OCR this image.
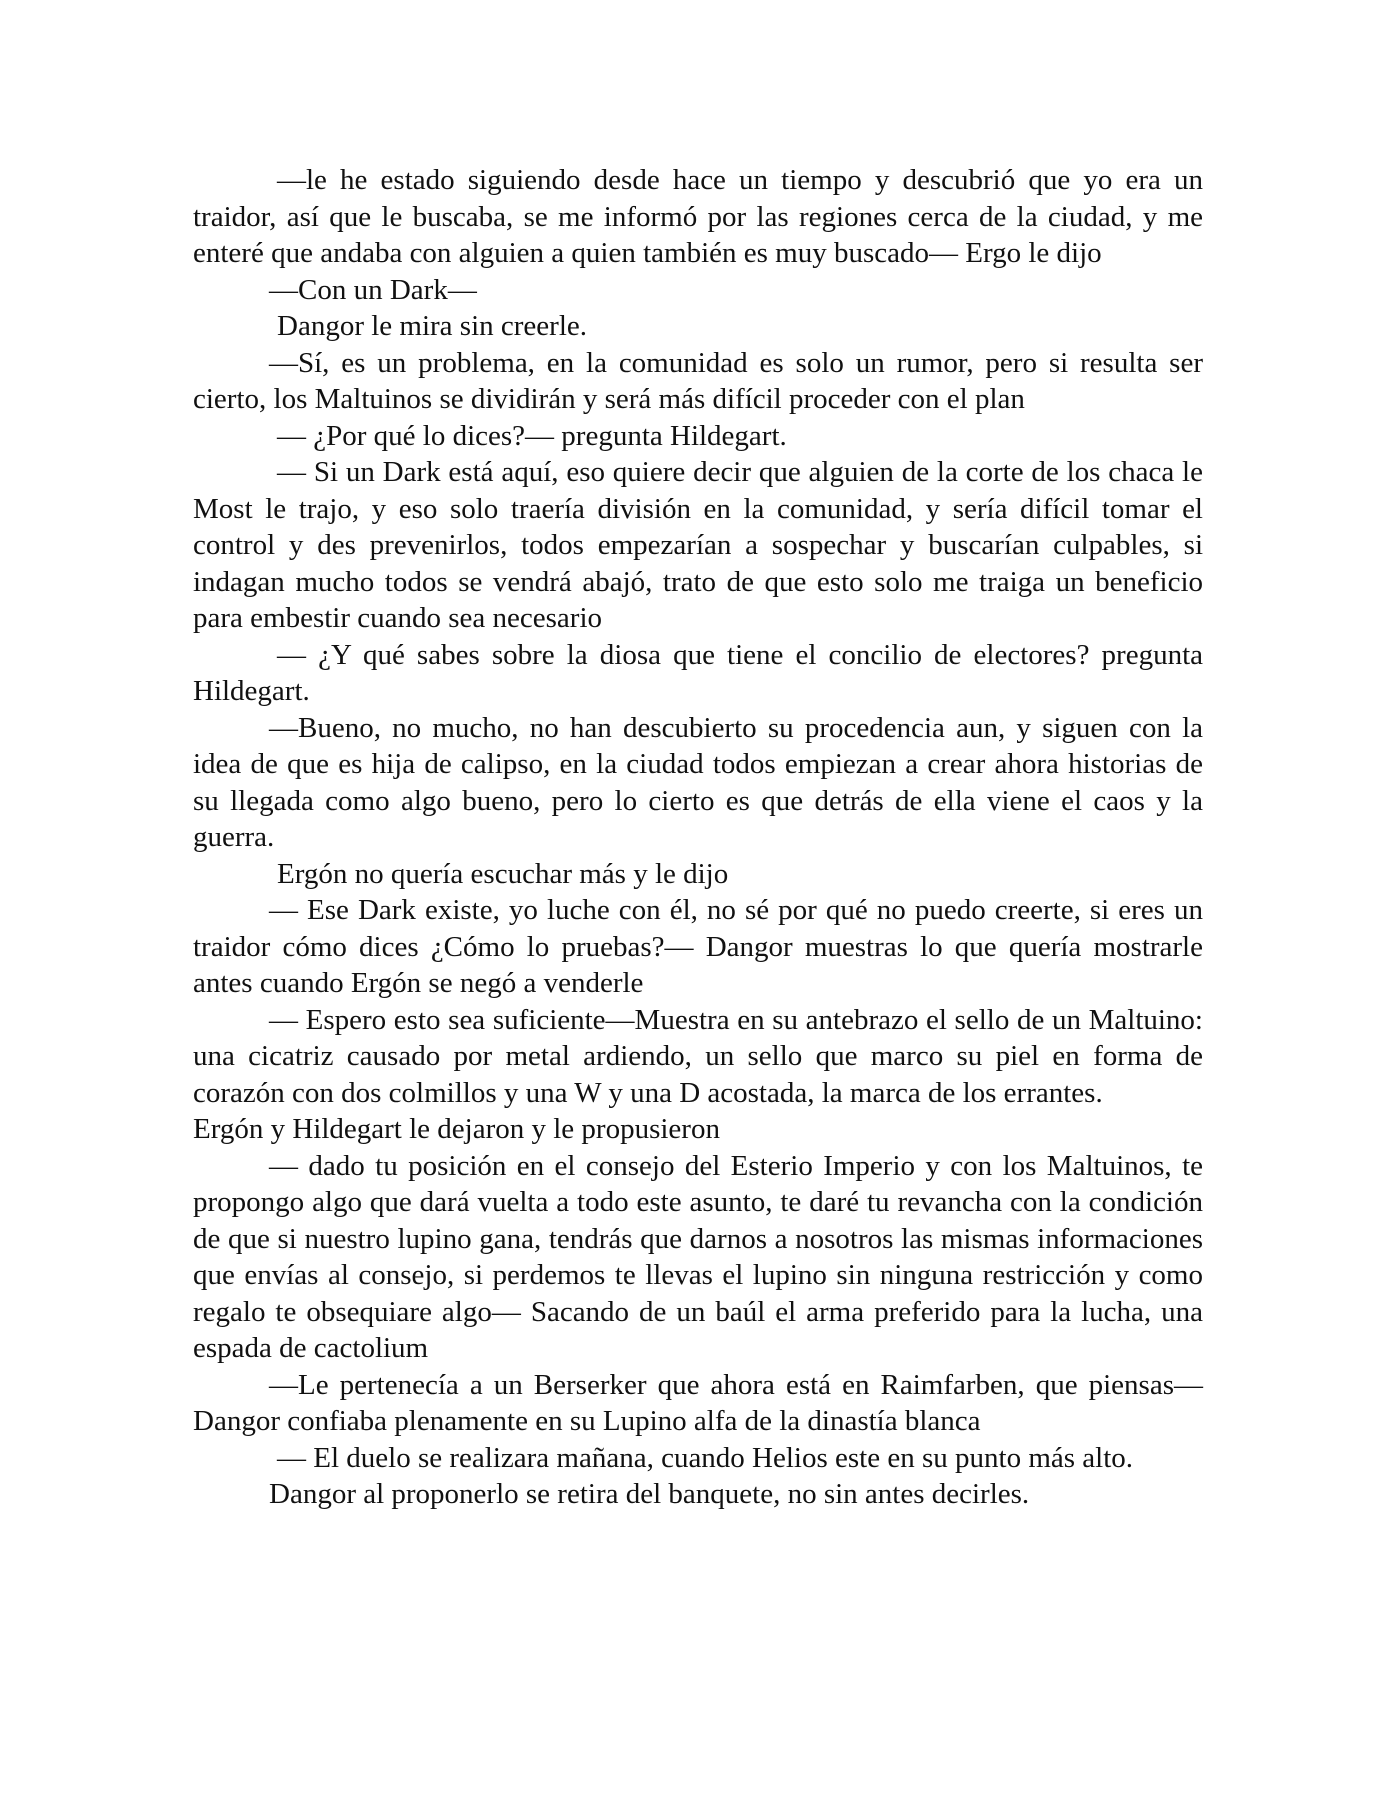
—le he estado siguiendo desde hace un tiempo y descubrió que yo era un traidor, así que le buscaba, se me informó por las regiones cerca de la ciudad, y me enteré que andaba con alguien a quien también es muy buscado— Ergo le dijo

—Con un Dark—

Dangor le mira sin creerle.

—Sí, es un problema, en la comunidad es solo un rumor, pero si resulta ser cierto, los Maltuinos se dividirán y será más difícil proceder con el plan

— ¿Por qué lo dices?— pregunta Hildegart.

— Si un Dark está aquí, eso quiere decir que alguien de la corte de los chaca le Most le trajo, y eso solo traería división en la comunidad, y sería difícil tomar el control y des prevenirlos, todos empezarían a sospechar y buscarían culpables, si indagan mucho todos se vendrá abajó, trato de que esto solo me traiga un beneficio para embestir cuando sea necesario

— ¿Y qué sabes sobre la diosa que tiene el concilio de electores? pregunta Hildegart.

—Bueno, no mucho, no han descubierto su procedencia aun, y siguen con la idea de que es hija de calipso, en la ciudad todos empiezan a crear ahora historias de su llegada como algo bueno, pero lo cierto es que detrás de ella viene el caos y la guerra.

Ergón no quería escuchar más y le dijo

— Ese Dark existe, yo luche con él, no sé por qué no puedo creerte, si eres un traidor cómo dices ¿Cómo lo pruebas?— Dangor muestras lo que quería mostrarle antes cuando Ergón se negó a venderle

— Espero esto sea suficiente—Muestra en su antebrazo el sello de un Maltuino: una cicatriz causado por metal ardiendo, un sello que marco su piel en forma de corazón con dos colmillos y una W y una D acostada, la marca de los errantes.

Ergón y Hildegart le dejaron y le propusieron

— dado tu posición en el consejo del Esterio Imperio y con los Maltuinos, te propongo algo que dará vuelta a todo este asunto, te daré tu revancha con la condición de que si nuestro lupino gana, tendrás que darnos a nosotros las mismas informaciones que envías al consejo, si perdemos te llevas el lupino sin ninguna restricción y como regalo te obsequiare algo— Sacando de un baúl el arma preferido para la lucha, una espada de cactolium

—Le pertenecía a un Berserker que ahora está en Raimfarben, que piensas— Dangor confiaba plenamente en su Lupino alfa de la dinastía blanca

— El duelo se realizara mañana, cuando Helios este en su punto más alto.

Dangor al proponerlo se retira del banquete, no sin antes decirles.
